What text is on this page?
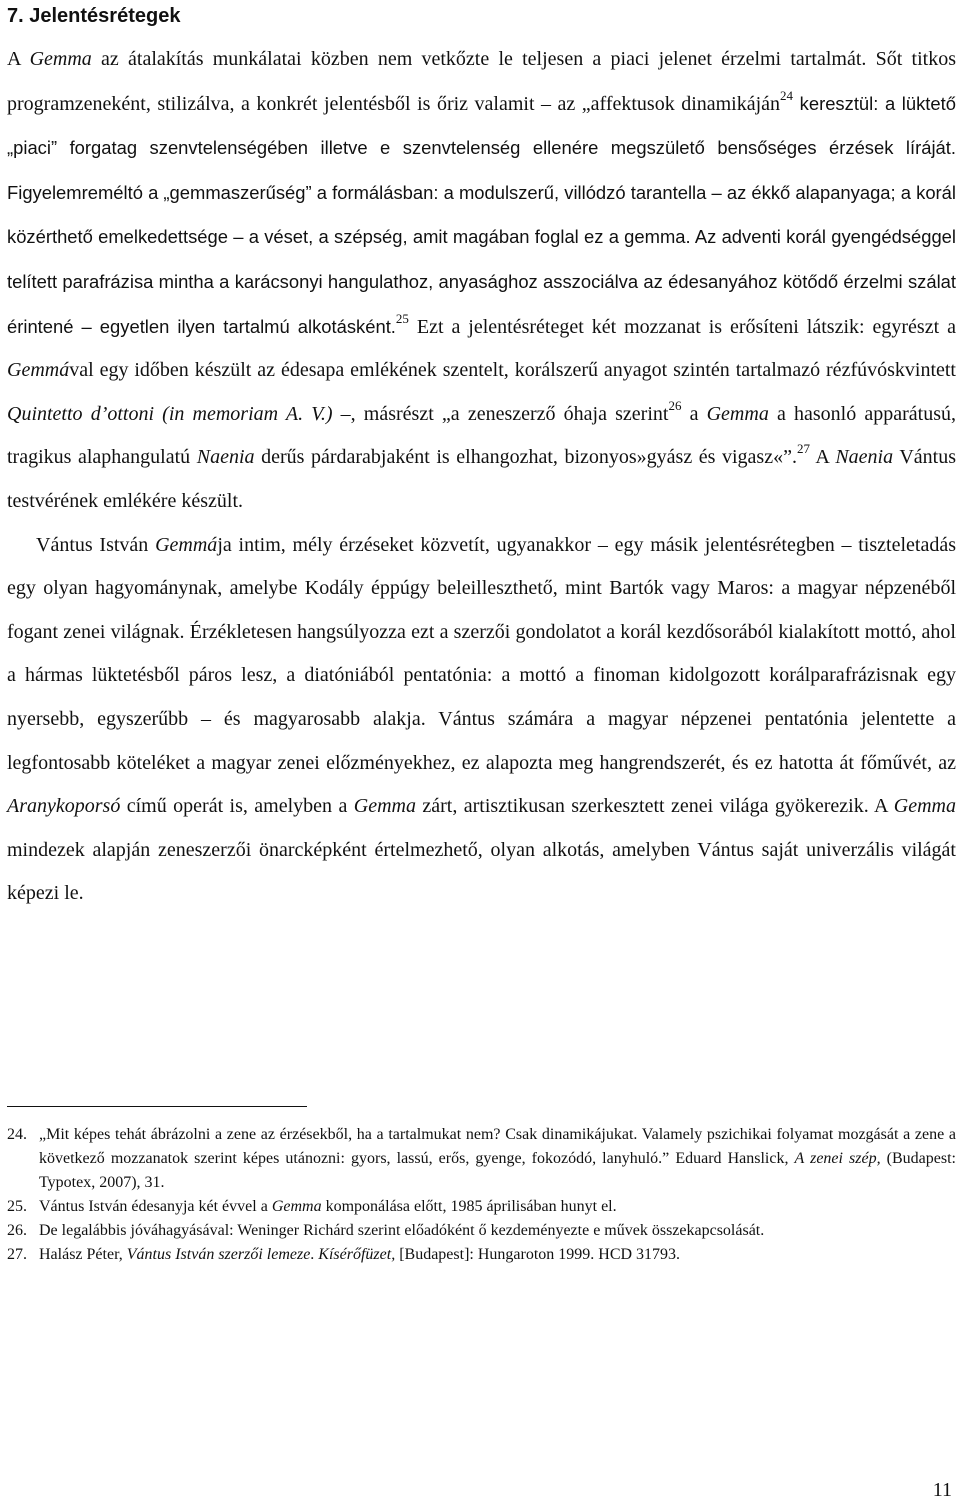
7. Jelentésrétegek

A Gemma az átalakítás munkálatai közben nem vetkőzte le teljesen a piaci jelenet érzelmi tartalmát. Sőt titkos programzeneként, stilizálva, a konkrét jelentésből is őriz valamit – az „affektusok dinamikáján$^{24}$ keresztül: a lüktető „piaci” forgatag szenvtelenségében illetve e szenvtelenség ellenére megszülető bensőséges érzések líráját. Figyelemreméltó a „gemmaszerűség” a formálásban: a modulszerű, villódzó tarantella – az ékkő alapanyaga; a korál közérthető emelkedettsége – a véset, a szépség, amit magában foglal ez a gemma. Az adventi korál gyengédséggel telített parafrázisa mintha a karácsonyi hangulathoz, anyasághoz asszociálva az édesanyához kötődő érzelmi szálat érintené – egyetlen ilyen tartalmú alkotásként.$^{25}$ Ezt a jelentésréteget két mozzanat is erősíteni látszik: egyrészt a Gemmával egy időben készült az édesapa emlékének szentelt, korálszerű anyagot szintén tartalmazó rézfúvóskvintett Quintetto d’ottoni (in memoriam A. V.) –, másrészt „a zeneszerző óhaja szerint$^{26}$ a Gemma a hasonló apparátusú, tragikus alaphangulatú Naenia derűs párdarabjaként is elhangozhat, bizonyos»gyász és vigasz«”.$^{27}$ A Naenia Vántus testvérének emlékére készült.

Vántus István Gemmája intim, mély érzéseket közvetít, ugyanakkor – egy másik jelentésrétegben – tiszteletadás egy olyan hagyománynak, amelybe Kodály éppúgy beleilleszthető, mint Bartók vagy Maros: a magyar népzenéből fogant zenei világnak. Érzékletesen hangsúlyozza ezt a szerzői gondolatot a korál kezdősorából kialakított mottó, ahol a hármas lüktetésből páros lesz, a diatóniából pentatónia: a mottó a finoman kidolgozott korálparafrázisnak egy nyersebb, egyszerűbb – és magyarosabb alakja. Vántus számára a magyar népzenei pentatónia jelentette a legfontosabb köteléket a magyar zenei előzményekhez, ez alapozta meg hangrendszerét, és ez hatotta át főművét, az Aranykoporsó című operát is, amelyben a Gemma zárt, artisztikusan szerkesztett zenei világa gyökerezik. A Gemma mindezek alapján zeneszerzői önarcképként értelmezhető, olyan alkotás, amelyben Vántus saját univerzális világát képezi le.

24. „Mit képes tehát ábrázolni a zene az érzésekből, ha a tartalmukat nem? Csak dinamikájukat. Valamely pszichikai folyamat mozgását a zene a következő mozzanatok szerint képes utánozni: gyors, lassú, erős, gyenge, fokozódó, lanyhuló.” Eduard Hanslick, A zenei szép, (Budapest: Typotex, 2007), 31.
25. Vántus István édesanyja két évvel a Gemma komponálása előtt, 1985 áprilisában hunyt el.
26. De legalábbis jóváhagyásával: Weninger Richárd szerint előadóként ő kezdeményezte e művek összekapcsolását.
27. Halász Péter, Vántus István szerzői lemeze. Kísérőfüzet, [Budapest]: Hungaroton 1999. HCD 31793.
11
